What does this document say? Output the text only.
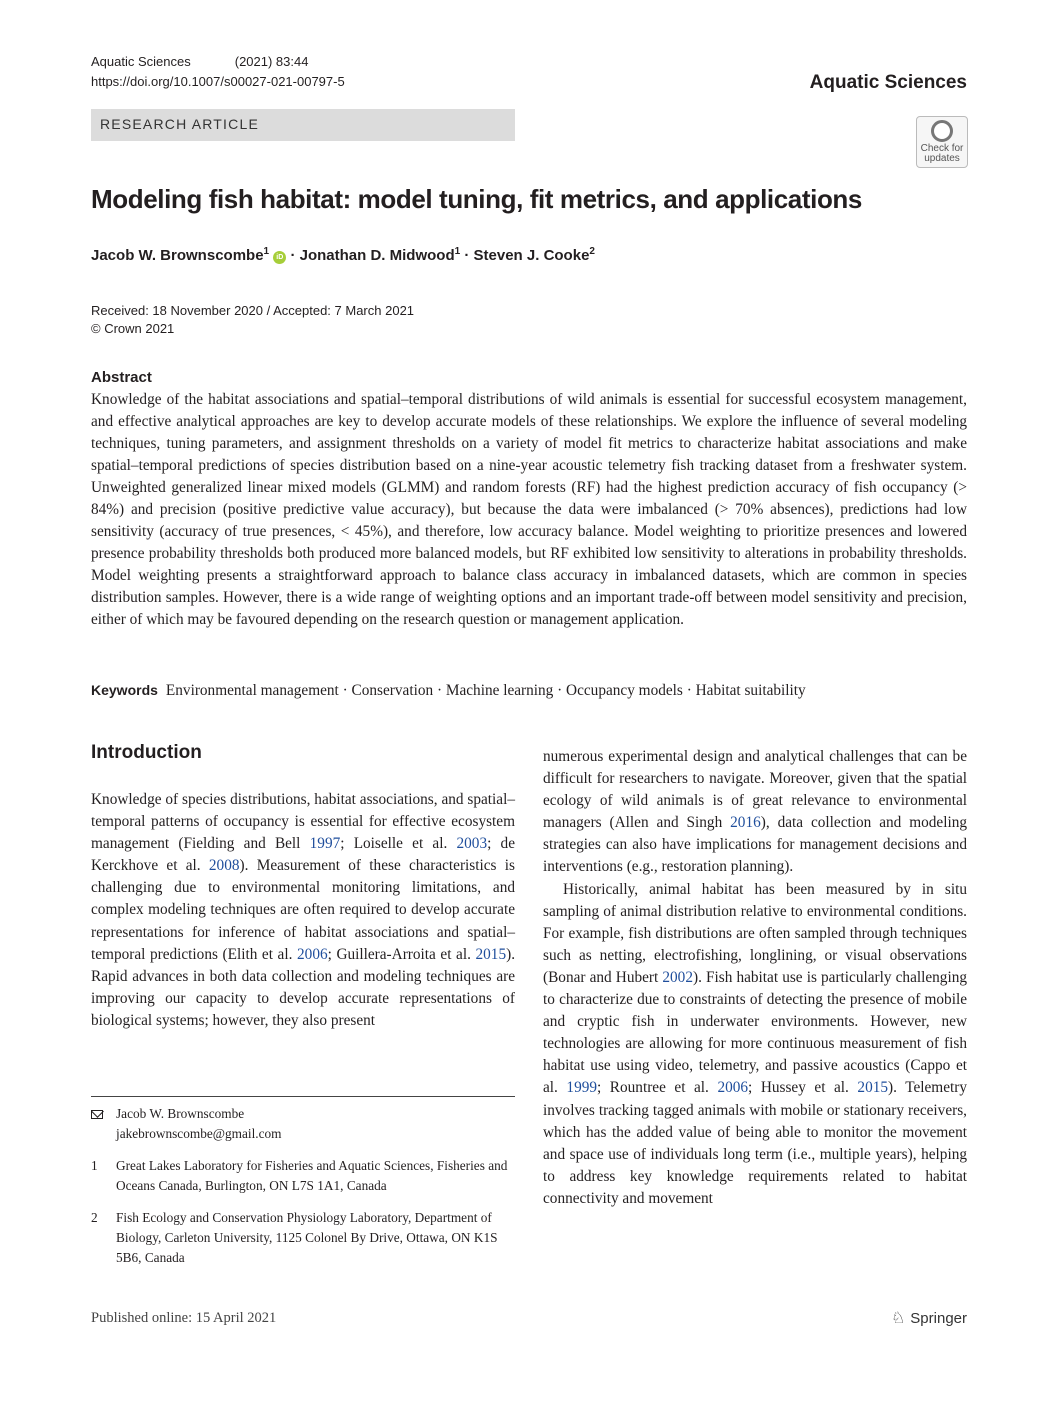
Aquatic Sciences	(2021) 83:44
https://doi.org/10.1007/s00027-021-00797-5	Aquatic Sciences
RESEARCH ARTICLE
Check for updates
Modeling fish habitat: model tuning, fit metrics, and applications
Jacob W. Brownscombe$^1$ iD · Jonathan D. Midwood$^1$ · Steven J. Cooke$^2$
Received: 18 November 2020 / Accepted: 7 March 2021
© Crown 2021
Abstract
Knowledge of the habitat associations and spatial–temporal distributions of wild animals is essential for successful ecosystem management, and effective analytical approaches are key to develop accurate models of these relationships. We explore the influence of several modeling techniques, tuning parameters, and assignment thresholds on a variety of model fit metrics to characterize habitat associations and make spatial–temporal predictions of species distribution based on a nine-year acoustic telemetry fish tracking dataset from a freshwater system. Unweighted generalized linear mixed models (GLMM) and random forests (RF) had the highest prediction accuracy of fish occupancy (> 84%) and precision (positive predictive value accuracy), but because the data were imbalanced (> 70% absences), predictions had low sensitivity (accuracy of true presences, < 45%), and therefore, low accuracy balance. Model weighting to prioritize presences and lowered presence probability thresholds both produced more balanced models, but RF exhibited low sensitivity to alterations in probability thresholds. Model weighting presents a straightforward approach to balance class accuracy in imbalanced datasets, which are common in species distribution samples. However, there is a wide range of weighting options and an important trade-off between model sensitivity and precision, either of which may be favoured depending on the research question or management application.
Keywords Environmental management · Conservation · Machine learning · Occupancy models · Habitat suitability
Introduction

Knowledge of species distributions, habitat associations, and spatial–temporal patterns of occupancy is essential for effective ecosystem management (Fielding and Bell 1997; Loiselle et al. 2003; de Kerckhove et al. 2008). Measurement of these characteristics is challenging due to environmental monitoring limitations, and complex modeling techniques are often required to develop accurate representations for inference of habitat associations and spatial–temporal predictions (Elith et al. 2006; Guillera-Arroita et al. 2015). Rapid advances in both data collection and modeling techniques are improving our capacity to develop accurate representations of biological systems; however, they also present

numerous experimental design and analytical challenges that can be difficult for researchers to navigate. Moreover, given that the spatial ecology of wild animals is of great relevance to environmental managers (Allen and Singh 2016), data collection and modeling strategies can also have implications for management decisions and interventions (e.g., restoration planning).

Historically, animal habitat has been measured by in situ sampling of animal distribution relative to environmental conditions. For example, fish distributions are often sampled through techniques such as netting, electrofishing, longlining, or visual observations (Bonar and Hubert 2002). Fish habitat use is particularly challenging to characterize due to constraints of detecting the presence of mobile and cryptic fish in underwater environments. However, new technologies are allowing for more continuous measurement of fish habitat use using video, telemetry, and passive acoustics (Cappo et al. 1999; Rountree et al. 2006; Hussey et al. 2015). Telemetry involves tracking tagged animals with mobile or stationary receivers, which has the added value of being able to monitor the movement and space use of individuals long term (i.e., multiple years), helping to address key knowledge requirements related to habitat connectivity and movement

Jacob W. Brownscombe
jakebrownscombe@gmail.com
1	Great Lakes Laboratory for Fisheries and Aquatic Sciences, Fisheries and Oceans Canada, Burlington, ON L7S 1A1, Canada
2	Fish Ecology and Conservation Physiology Laboratory, Department of Biology, Carleton University, 1125 Colonel By Drive, Ottawa, ON K1S 5B6, Canada
Published online: 15 April 2021	♘ Springer
